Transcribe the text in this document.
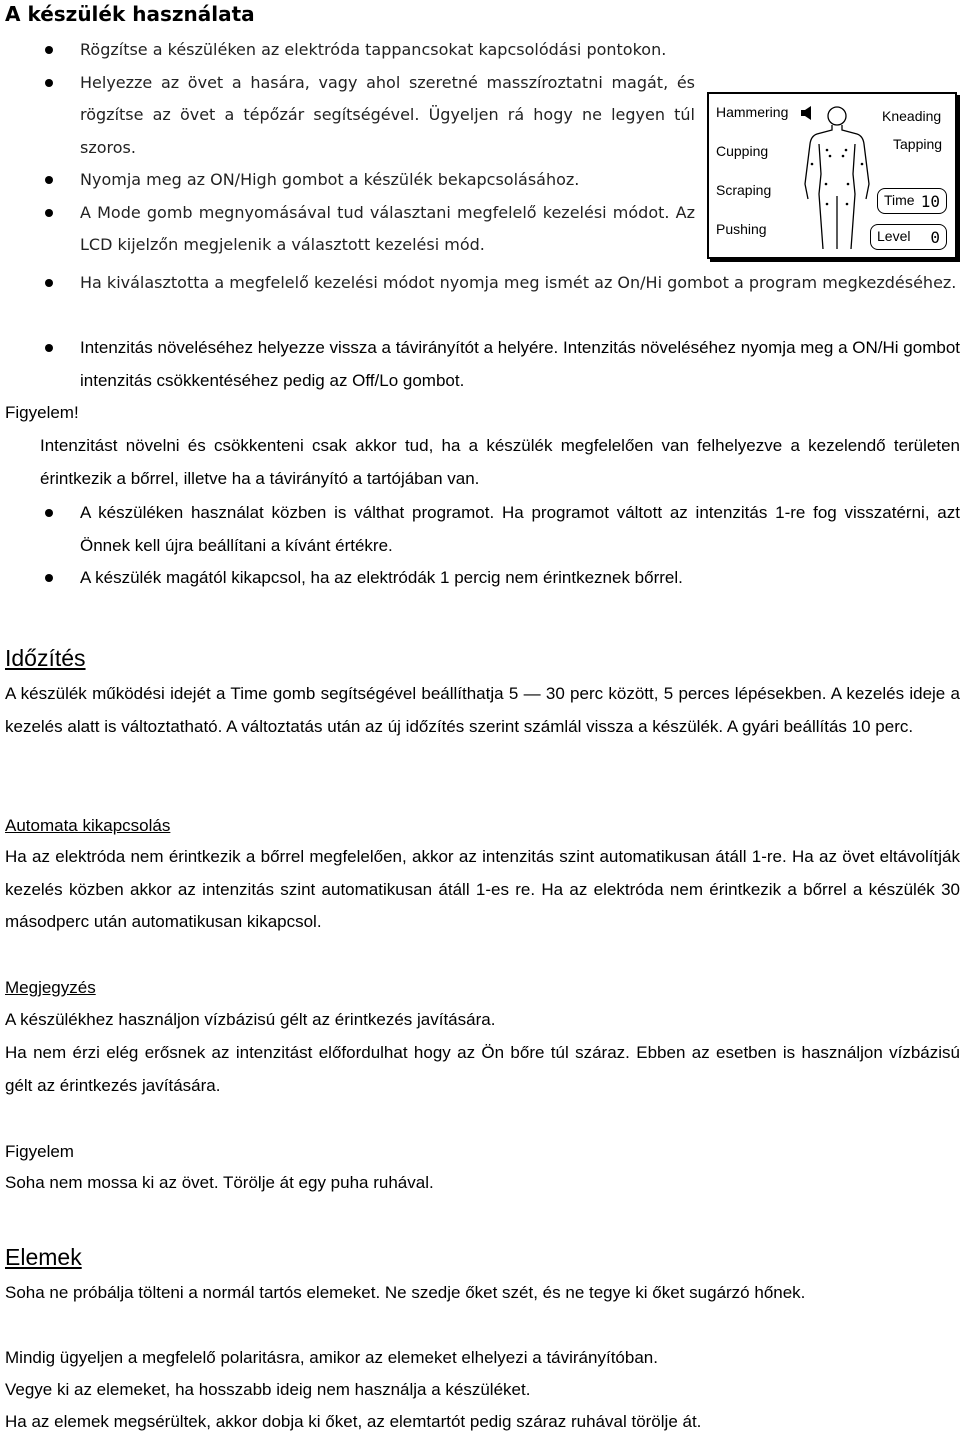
A készülék használata
Rögzítse a készüléken az elektróda tappancsokat kapcsolódási pontokon.
Helyezze az övet a hasára, vagy ahol szeretné masszíroztatni magát, és rögzítse az övet a tépőzár segítségével. Ügyeljen rá hogy ne legyen túl szoros.
Nyomja meg az ON/High gombot a készülék bekapcsolásához.
A Mode gomb megnyomásával tud választani megfelelő kezelési módot. Az LCD kijelzőn megjelenik a választott kezelési mód.
Hammering
Cupping
Scraping
Pushing
Kneading
Tapping
Time 10
Level 0
Ha kiválasztotta a megfelelő kezelési módot nyomja meg ismét az On/Hi gombot a program megkezdéséhez.
Intenzitás növeléséhez helyezze vissza a távirányítót a helyére. Intenzitás növeléséhez nyomja meg a ON/Hi gombot intenzitás csökkentéséhez pedig az Off/Lo gombot.
Figyelem!

Intenzitást növelni és csökkenteni csak akkor tud, ha a készülék megfelelően van felhelyezve a kezelendő területen érintkezik a bőrrel, illetve ha a távirányító a tartójában van.

A készüléken használat közben is válthat programot. Ha programot váltott az intenzitás 1-re fog visszatérni, azt Önnek kell újra beállítani a kívánt értékre.
A készülék magától kikapcsol, ha az elektródák 1 percig nem érintkeznek bőrrel.
Időzítés

A készülék működési idejét a Time gomb segítségével beállíthatja 5 — 30 perc között, 5 perces lépésekben. A kezelés ideje a kezelés alatt is változtatható. A változtatás után az új időzítés szerint számlál vissza a készülék. A gyári beállítás 10 perc.

Automata kikapcsolás

Ha az elektróda nem érintkezik a bőrrel megfelelően, akkor az intenzitás szint automatikusan átáll 1-re. Ha az övet eltávolítják kezelés közben akkor az intenzitás szint automatikusan átáll 1-es re. Ha az elektróda nem érintkezik a bőrrel a készülék 30 másodperc után automatikusan kikapcsol.

Megjegyzés

A készülékhez használjon vízbázisú gélt az érintkezés javítására.

Ha nem érzi elég erősnek az intenzitást előfordulhat hogy az Ön bőre túl száraz. Ebben az esetben is használjon vízbázisú gélt az érintkezés javítására.

Figyelem

Soha nem mossa ki az övet. Törölje át egy puha ruhával.

Elemek

Soha ne próbálja tölteni a normál tartós elemeket. Ne szedje őket szét, és ne tegye ki őket sugárzó hőnek.

Mindig ügyeljen a megfelelő polaritásra, amikor az elemeket elhelyezi a távirányítóban.

Vegye ki az elemeket, ha hosszabb ideig nem használja a készüléket.

Ha az elemek megsérültek, akkor dobja ki őket, az elemtartót pedig száraz ruhával törölje át.
